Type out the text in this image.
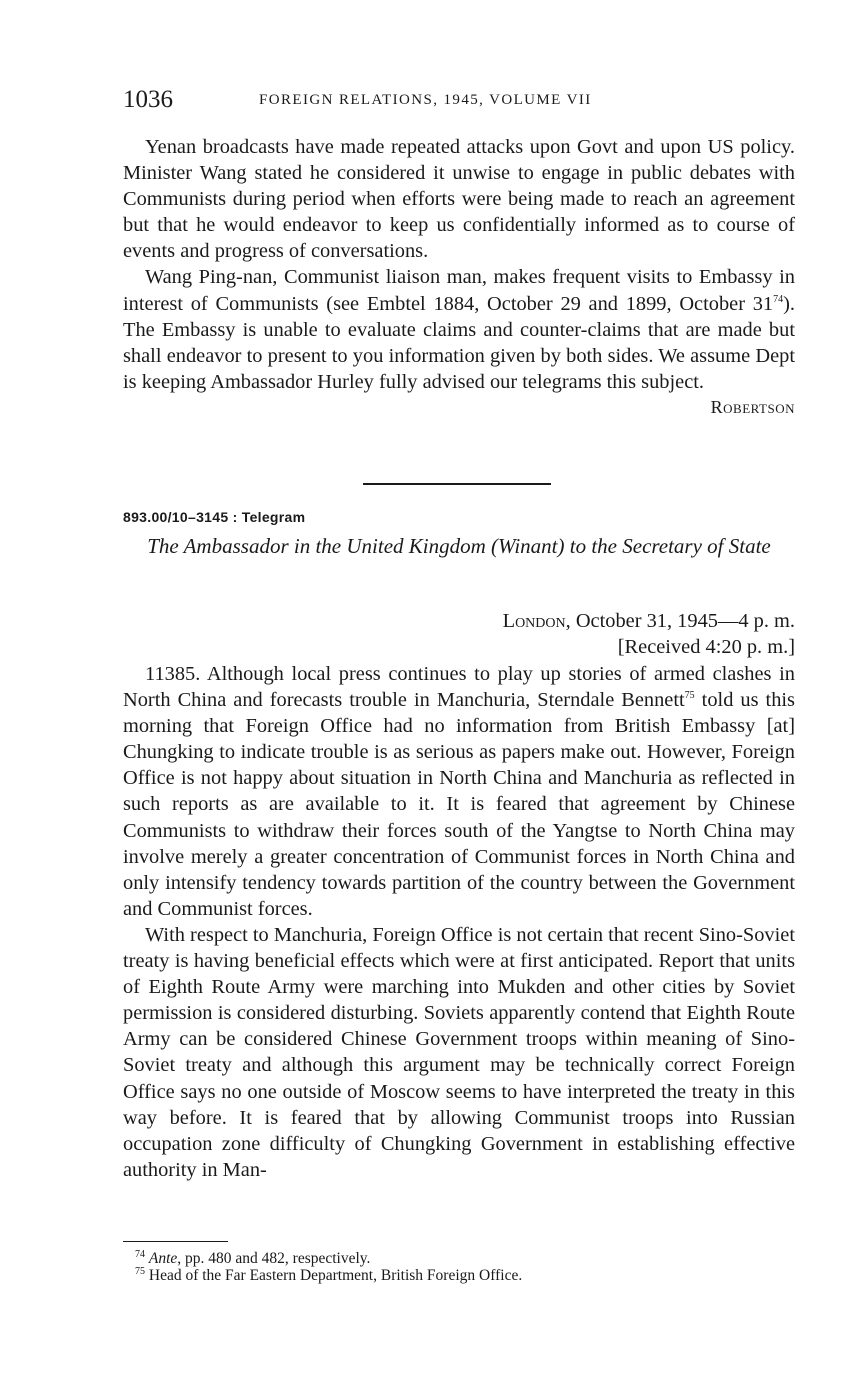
1036	FOREIGN RELATIONS, 1945, VOLUME VII

Yenan broadcasts have made repeated attacks upon Govt and upon US policy. Minister Wang stated he considered it unwise to engage in public debates with Communists during period when efforts were being made to reach an agreement but that he would endeavor to keep us confidentially informed as to course of events and progress of conversations.

Wang Ping-nan, Communist liaison man, makes frequent visits to Embassy in interest of Communists (see Embtel 1884, October 29 and 1899, October $31^{74}$). The Embassy is unable to evaluate claims and counter-claims that are made but shall endeavor to present to you information given by both sides. We assume Dept is keeping Ambassador Hurley fully advised our telegrams this subject.

Robertson

893.00/10–3145 : Telegram
The Ambassador in the United Kingdom (Winant) to the Secretary of State
London, October 31, 1945—4 p. m.
[Received 4:20 p. m.]

11385. Although local press continues to play up stories of armed clashes in North China and forecasts trouble in Manchuria, Sterndale Bennett$^{75}$ told us this morning that Foreign Office had no information from British Embassy [at] Chungking to indicate trouble is as serious as papers make out. However, Foreign Office is not happy about situation in North China and Manchuria as reflected in such reports as are available to it. It is feared that agreement by Chinese Communists to withdraw their forces south of the Yangtse to North China may involve merely a greater concentration of Communist forces in North China and only intensify tendency towards partition of the country between the Government and Communist forces.

With respect to Manchuria, Foreign Office is not certain that recent Sino-Soviet treaty is having beneficial effects which were at first anticipated. Report that units of Eighth Route Army were marching into Mukden and other cities by Soviet permission is considered disturbing. Soviets apparently contend that Eighth Route Army can be considered Chinese Government troops within meaning of Sino-Soviet treaty and although this argument may be technically correct Foreign Office says no one outside of Moscow seems to have interpreted the treaty in this way before. It is feared that by allowing Communist troops into Russian occupation zone difficulty of Chungking Government in establishing effective authority in Man-

$^{74}$ Ante, pp. 480 and 482, respectively.

$^{75}$ Head of the Far Eastern Department, British Foreign Office.
